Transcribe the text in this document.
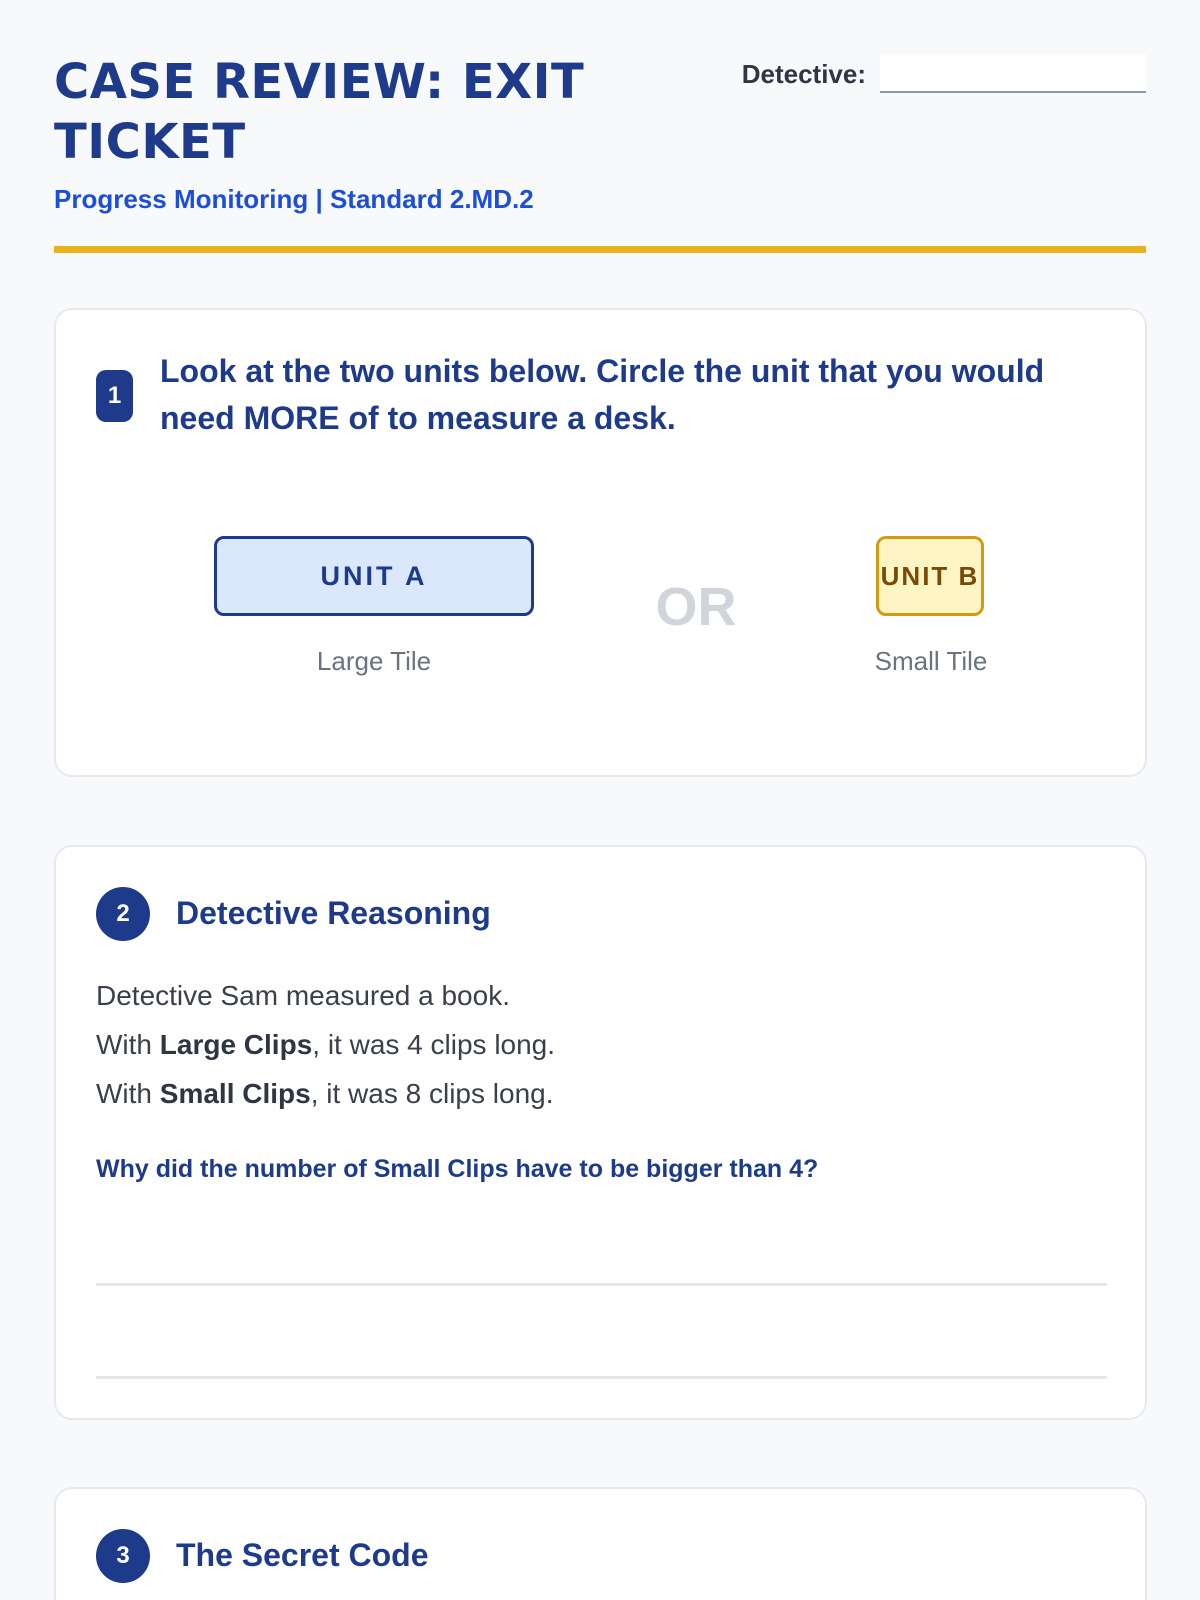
CASE REVIEW: EXIT TICKET
Progress Monitoring | Standard 2.MD.2
Detective:
1
Look at the two units below. Circle the unit that you would need MORE of to measure a desk.
UNIT A
Large Tile
OR
UNIT B
Small Tile
2	Detective Reasoning
Detective Sam measured a book.
With Large Clips, it was 4 clips long.
With Small Clips, it was 8 clips long.
Why did the number of Small Clips have to be bigger than 4?
3	The Secret Code
